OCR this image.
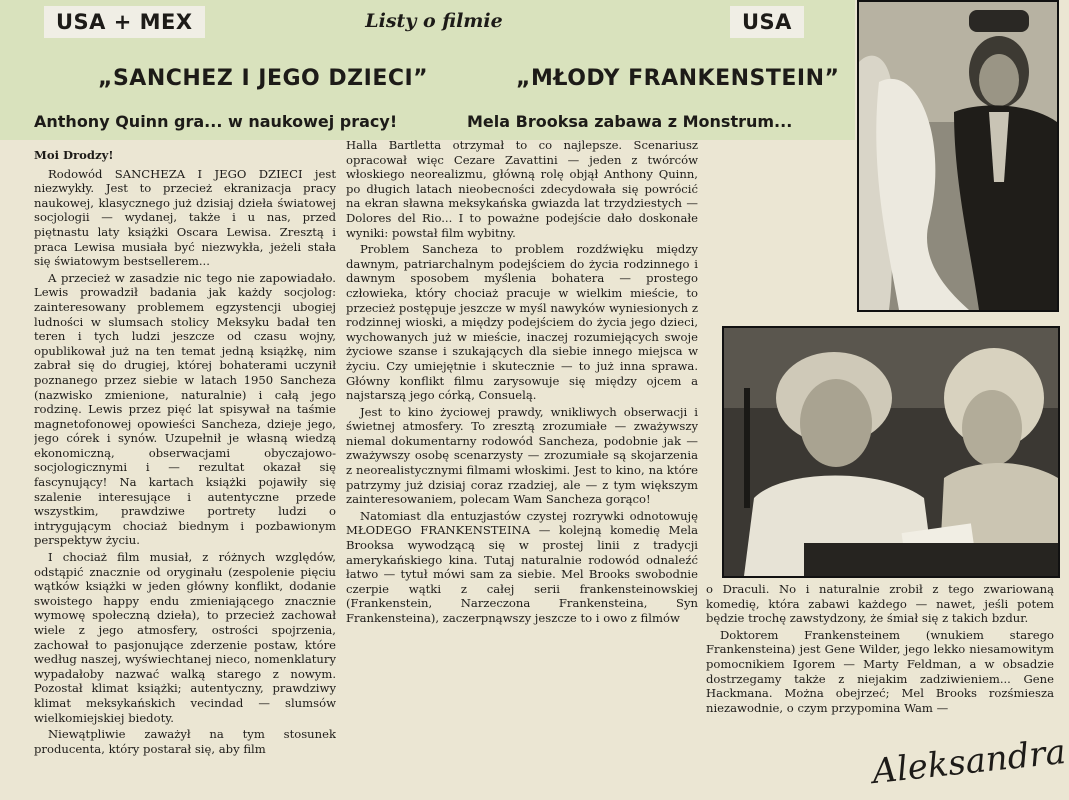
USA + MEX	Listy o filmie	USA
„SANCHEZ I JEGO DZIECI”	„MŁODY FRANKENSTEIN”
Anthony Quinn gra... w naukowej pracy!	Mela Brooksa zabawa z Monstrum...

Moi Drodzy!

Rodowód SANCHEZA I JEGO DZIECI jest niezwykły. Jest to przecież ekranizacja pracy naukowej, klasycznego już dzisiaj dzieła światowej socjologii — wydanej, także i u nas, przed piętnastu laty książki Oscara Lewisa. Zresztą i praca Lewisa musiała być niezwykła, jeżeli stała się światowym bestsellerem...

A przecież w zasadzie nic tego nie zapowiadało. Lewis prowadził badania jak każdy socjolog: zainteresowany problemem egzystencji ubogiej ludności w slumsach stolicy Meksyku badał ten teren i tych ludzi jeszcze od czasu wojny, opublikował już na ten temat jedną książkę, nim zabrał się do drugiej, której bohaterami uczynił poznanego przez siebie w latach 1950 Sancheza (nazwisko zmienione, naturalnie) i całą jego rodzinę. Lewis przez pięć lat spisywał na taśmie magnetofonowej opowieści Sancheza, dzieje jego, jego córek i synów. Uzupełnił je własną wiedzą ekonomiczną, obserwacjami obyczajowo-socjologicznymi i — rezultat okazał się fascynujący! Na kartach książki pojawiły się szalenie interesujące i autentyczne przede wszystkim, prawdziwe portrety ludzi o intrygującym chociaż biednym i pozbawionym perspektyw życiu.

I chociaż film musiał, z różnych względów, odstąpić znacznie od oryginału (zespolenie pięciu wątków książki w jeden główny konflikt, dodanie swoistego happy endu zmieniającego znacznie wymowę społeczną dzieła), to przecież zachował wiele z jego atmosfery, ostrości spojrzenia, zachował to pasjonujące zderzenie postaw, które według naszej, wyświechtanej nieco, nomenklatury wypadałoby nazwać walką starego z nowym. Pozostał klimat książki; autentyczny, prawdziwy klimat meksykańskich vecindad — slumsów wielkomiejskiej biedoty.

Niewątpliwie zaważył na tym stosunek producenta, który postarał się, aby film

Halla Bartletta otrzymał to co najlepsze. Scenariusz opracował więc Cezare Zavattini — jeden z twórców włoskiego neorealizmu, główną rolę objął Anthony Quinn, po długich latach nieobecności zdecydowała się powrócić na ekran sławna meksykańska gwiazda lat trzydziestych — Dolores del Rio... I to poważne podejście dało doskonałe wyniki: powstał film wybitny.

Problem Sancheza to problem rozdźwięku między dawnym, patriarchalnym podejściem do życia rodzinnego i dawnym sposobem myślenia bohatera — prostego człowieka, który chociaż pracuje w wielkim mieście, to przecież postępuje jeszcze w myśl nawyków wyniesionych z rodzinnej wioski, a między podejściem do życia jego dzieci, wychowanych już w mieście, inaczej rozumiejących swoje życiowe szanse i szukających dla siebie innego miejsca w życiu. Czy umiejętnie i skutecznie — to już inna sprawa. Główny konflikt filmu zarysowuje się między ojcem a najstarszą jego córką, Consuelą.

Jest to kino życiowej prawdy, wnikliwych obserwacji i świetnej atmosfery. To zresztą zrozumiałe — zważywszy niemal dokumentarny rodowód Sancheza, podobnie jak — zważywszy osobę scenarzysty — zrozumiałe są skojarzenia z neorealistycznymi filmami włoskimi. Jest to kino, na które patrzymy już dzisiaj coraz rzadziej, ale — z tym większym zainteresowaniem, polecam Wam Sancheza gorąco!

Natomiast dla entuzjastów czystej rozrywki odnotowuję MŁODEGO FRANKENSTEINA — kolejną komedię Mela Brooksa wywodzącą się w prostej linii z tradycji amerykańskiego kina. Tutaj naturalnie rodowód odnaleźć łatwo — tytuł mówi sam za siebie. Mel Brooks swobodnie czerpie wątki z całej serii frankensteinowskiej (Frankenstein, Narzeczona Frankensteina, Syn Frankensteina), zaczerpnąwszy jeszcze to i owo z filmów

o Draculi. No i naturalnie zrobił z tego zwariowaną komedię, która zabawi każdego — nawet, jeśli potem będzie trochę zawstydzony, że śmiał się z takich bzdur.

Doktorem Frankensteinem (wnukiem starego Frankensteina) jest Gene Wilder, jego lekko niesamowitym pomocnikiem Igorem — Marty Feldman, a w obsadzie dostrzegamy także z niejakim zadziwieniem... Gene Hackmana. Można obejrzeć; Mel Brooks rozśmiesza niezawodnie, o czym przypomina Wam —

Aleksandra
